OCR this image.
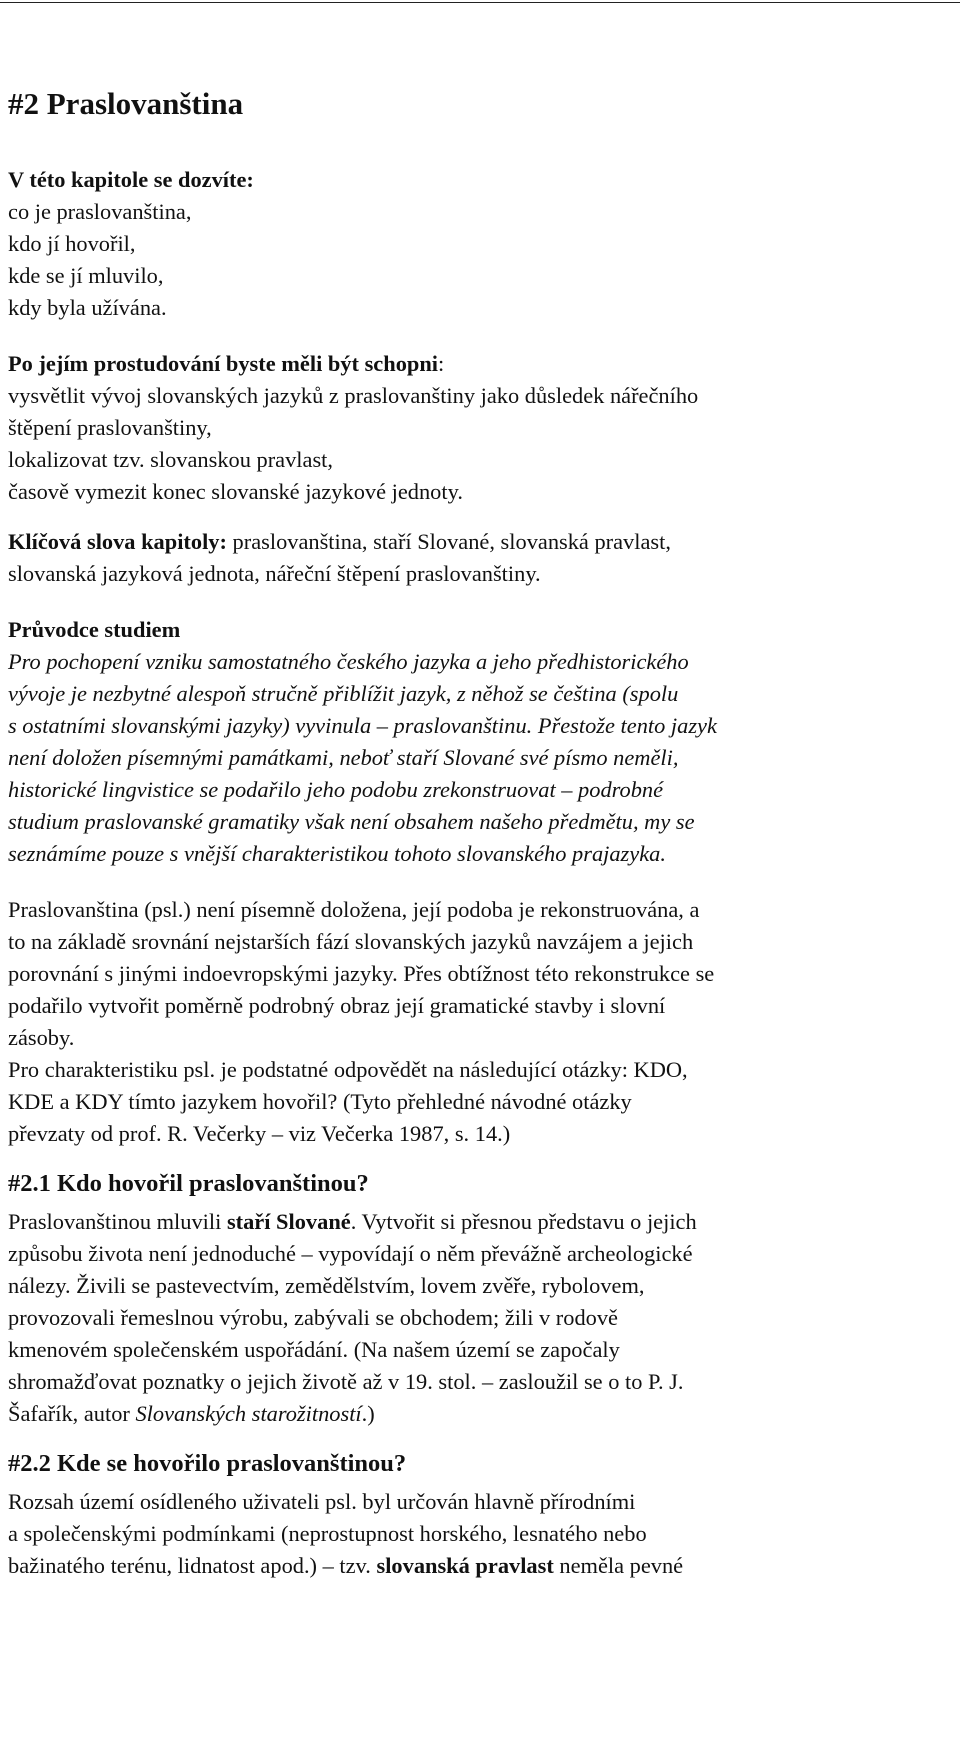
#2 Praslovanština
V této kapitole se dozvíte:
co je praslovanština,
kdo jí hovořil,
kde se jí mluvilo,
kdy byla užívána.
Po jejím prostudování byste měli být schopni:
vysvětlit vývoj slovanských jazyků z praslovanštiny jako důsledek nářečního
štěpení praslovanštiny,
lokalizovat tzv. slovanskou pravlast,
časově vymezit konec slovanské jazykové jednoty.
Klíčová slova kapitoly: praslovanština, staří Slované, slovanská pravlast,
slovanská jazyková jednota, nářeční štěpení praslovanštiny.
Průvodce studiem
Pro pochopení vzniku samostatného českého jazyka a jeho předhistorického
vývoje je nezbytné alespoň stručně přiblížit jazyk, z něhož se čeština (spolu
s ostatními slovanskými jazyky) vyvinula – praslovanštinu. Přestože tento jazyk
není doložen písemnými památkami, neboť staří Slované své písmo neměli,
historické lingvistice se podařilo jeho podobu zrekonstruovat – podrobné
studium praslovanské gramatiky však není obsahem našeho předmětu, my se
seznámíme pouze s vnější charakteristikou tohoto slovanského prajazyka.
Praslovanština (psl.) není písemně doložena, její podoba je rekonstruována, a
to na základě srovnání nejstarších fází slovanských jazyků navzájem a jejich
porovnání s jinými indoevropskými jazyky. Přes obtížnost této rekonstrukce se
podařilo vytvořit poměrně podrobný obraz její gramatické stavby i slovní
zásoby.
Pro charakteristiku psl. je podstatné odpovědět na následující otázky: KDO,
KDE a KDY tímto jazykem hovořil? (Tyto přehledné návodné otázky
převzaty od prof. R. Večerky – viz Večerka 1987, s. 14.)
#2.1 Kdo hovořil praslovanštinou?
Praslovanštinou mluvili staří Slované. Vytvořit si přesnou představu o jejich
způsobu života není jednoduché – vypovídají o něm převážně archeologické
nálezy. Živili se pastevectvím, zemědělstvím, lovem zvěře, rybolovem,
provozovali řemeslnou výrobu, zabývali se obchodem; žili v rodově
kmenovém společenském uspořádání. (Na našem území se započaly
shromažďovat poznatky o jejich životě až v 19. stol. – zasloužil se o to P. J.
Šafařík, autor Slovanských starožitností.)
#2.2 Kde se hovořilo praslovanštinou?
Rozsah území osídleného uživateli psl. byl určován hlavně přírodními
a společenskými podmínkami (neprostupnost horského, lesnatého nebo
bažinatého terénu, lidnatost apod.) – tzv. slovanská pravlast neměla pevné
